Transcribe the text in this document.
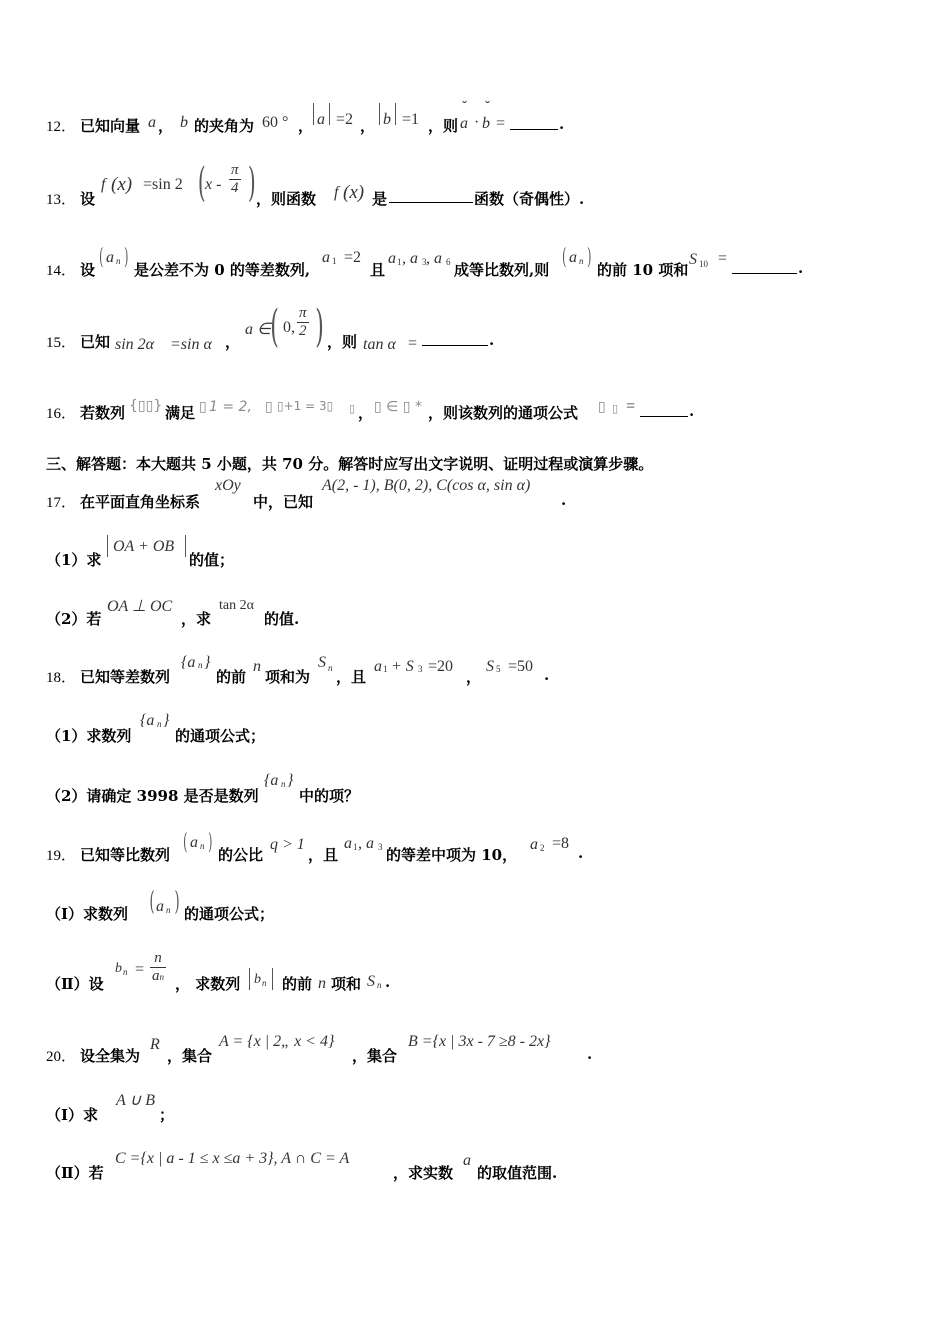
12． 已知向量 a ， b 的夹角为 60 ° ， a =2 ， b =1 ，则
ˇ
a ·
ˇ
b =	.
13． 设
f (x) =sin 2 ( x - $\frac{\pi}{4}$ ) ，则函数 f (x) 是	函数（奇偶性）.
14． 设 ( a n ) 是公差不为 0 的等差数列,
a 1 =2
且
a 1 , a 3 , a 6 成等比数列,则 ( a n ) 的前 10 项和
S 10 =
.
15． 已知 sin 2α =sin α ，
a ∈ ( 0, $\frac{\pi}{2}$ ) ，则 tan α =	.
16． 若数列 {▯▯} 满足 ▯ 1 = 2, ▯ ▯+1 = 3▯ ▯ ， ▯ ∈ ▯ * ，则该数列的通项公式 ▯ ▯ =	.
三、解答题：本大题共 5 小题，共 70 分。解答时应写出文字说明、证明过程或演算步骤。
17． 在平面直角坐标系
xOy
中，已知
A(2, - 1), B(0, 2), C(cos α, sin α)
.
（1）求
OA + OB
的值；
（2）若
OA ⊥ OC
，求
tan 2α
的值.
18． 已知等差数列
{a n }
的前
n
项和为
S n ，且
a 1 + S 3 =20
，
S 5 =50 .
（1）求数列
{a n }
的通项公式；
（2）请确定 3998 是否是数列
{a n }
中的项？
19． 已知等比数列 ( a n ) 的公比
q > 1
，且
a 1 , a 3 的等差中项为 10，
a 2 =8
.
（Ⅰ）求数列 ( a n ) 的通项公式；
（Ⅱ）设
b $n = \frac{n}{an}$ ， 求数列 b n 的前 n 项和 S n .
20． 设全集为
R
，集合
A = {x | 2„ x < 4}
，集合
B ={x | 3x - 7 ≥8 - 2x}
.
（Ⅰ）求
A ∪ B
；
（Ⅱ）若
C ={x | a - 1 ≤ x ≤a + 3}, A ∩ C = A
，求实数
a
的取值范围.
